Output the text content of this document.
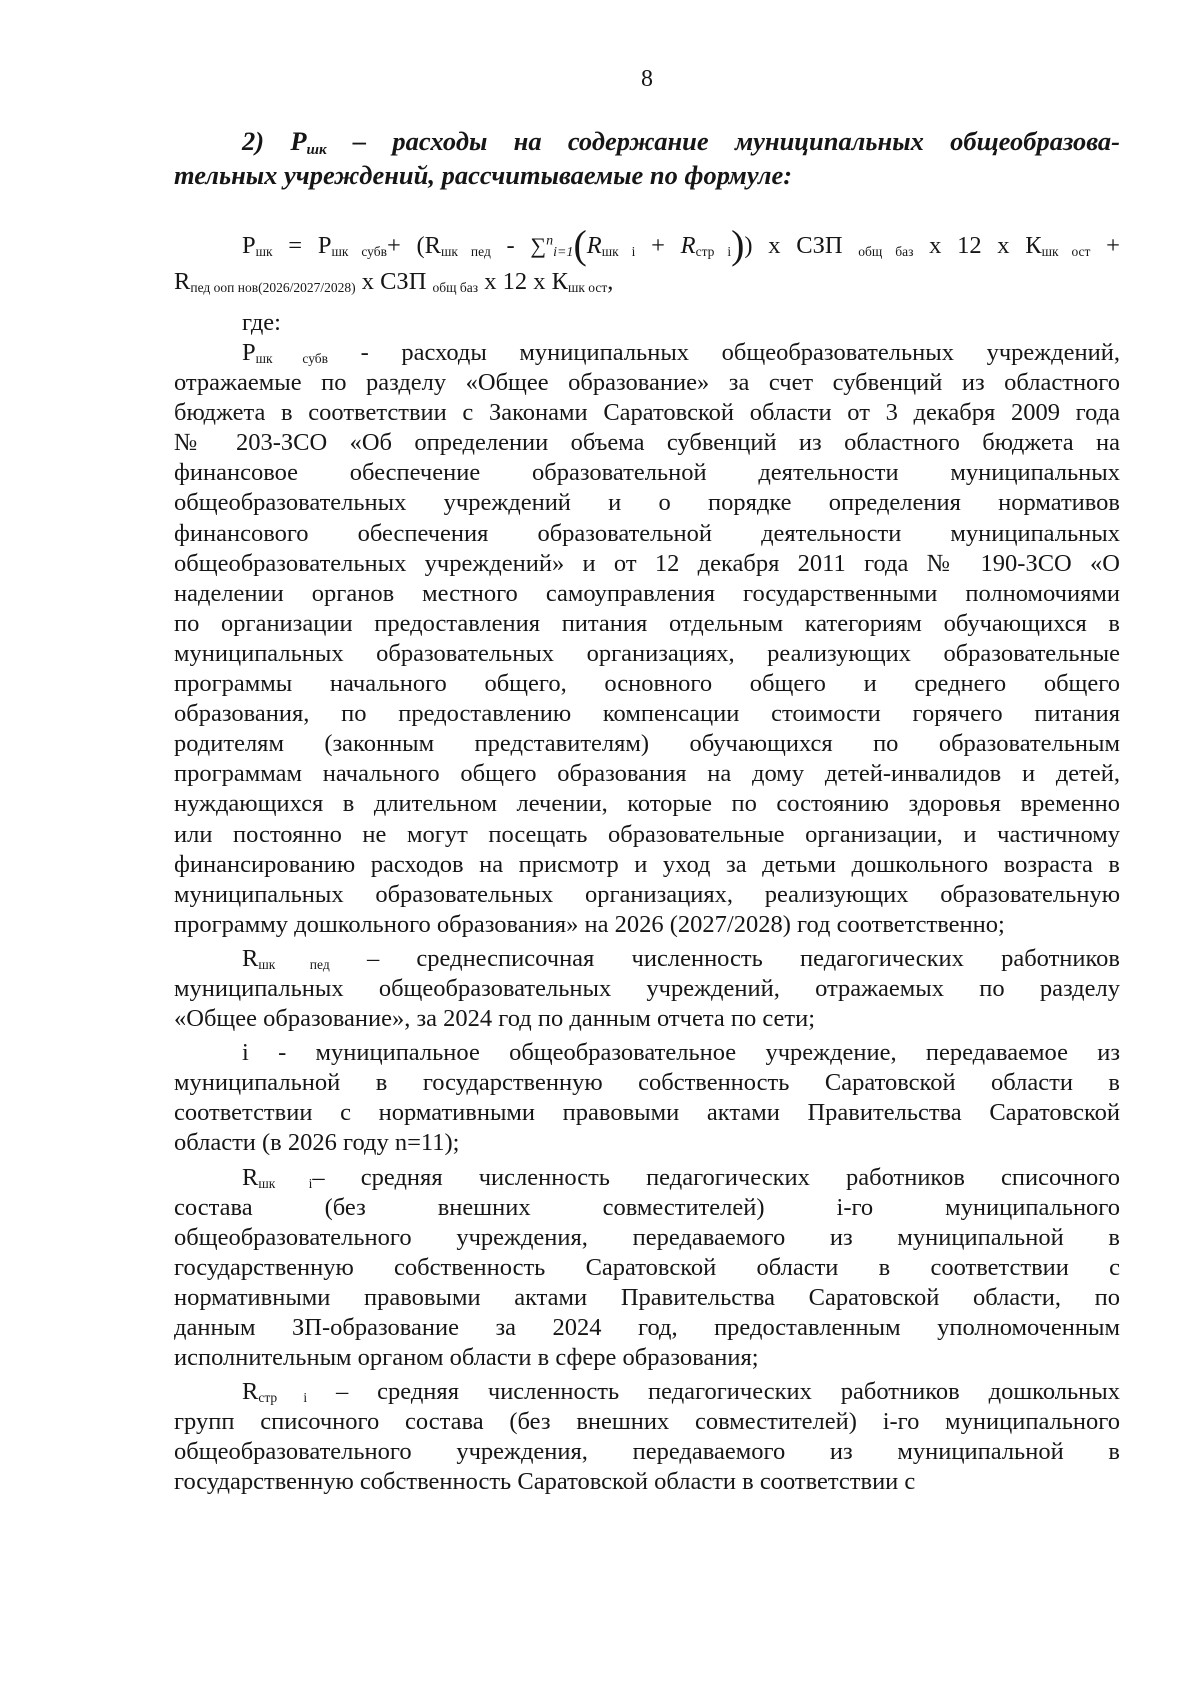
8
2) $Р_{шк}$ – расходы на содержание муниципальных общеобразова-
тельных учреждений, рассчитываемые по формуле:
$Р_{шк} = Р_{шк субв}+ (R_{шк пед} - \sum^n_{i=1}(R_{шк i} + R_{стр i}))$ х СЗП $_{общ баз}$ х 12 х $К_{шк ост}$ +
$R_{пед ооп нов(2026/2027/2028)}$ х СЗП $_{общ баз}$ х 12 х $К_{шк ост}$,
где:
$Р_{шк субв}$ - расходы муниципальных общеобразовательных учреждений,
отражаемые по разделу «Общее образование» за счет субвенций из областного
бюджета в соответствии с Законами Саратовской области от 3 декабря 2009 года
№ 203-ЗСО «Об определении объема субвенций из областного бюджета на
финансовое обеспечение образовательной деятельности муниципальных
общеобразовательных учреждений и о порядке определения нормативов
финансового обеспечения образовательной деятельности муниципальных
общеобразовательных учреждений» и от 12 декабря 2011 года № 190-ЗСО «О
наделении органов местного самоуправления государственными полномочиями
по организации предоставления питания отдельным категориям обучающихся в
муниципальных образовательных организациях, реализующих образовательные
программы начального общего, основного общего и среднего общего
образования, по предоставлению компенсации стоимости горячего питания
родителям (законным представителям) обучающихся по образовательным
программам начального общего образования на дому детей-инвалидов и детей,
нуждающихся в длительном лечении, которые по состоянию здоровья временно
или постоянно не могут посещать образовательные организации, и частичному
финансированию расходов на присмотр и уход за детьми дошкольного возраста в
муниципальных образовательных организациях, реализующих образовательную
программу дошкольного образования» на 2026 (2027/2028) год соответственно;
$R_{шк пед}$ – среднесписочная численность педагогических работников
муниципальных общеобразовательных учреждений, отражаемых по разделу
«Общее образование», за 2024 год по данным отчета по сети;
i - муниципальное общеобразовательное учреждение, передаваемое из
муниципальной в государственную собственность Саратовской области в
соответствии с нормативными правовыми актами Правительства Саратовской
области (в 2026 году n=11);
$R_{шк i}-$ средняя численность педагогических работников списочного
состава (без внешних совместителей) i-го муниципального
общеобразовательного учреждения, передаваемого из муниципальной в
государственную собственность Саратовской области в соответствии с
нормативными правовыми актами Правительства Саратовской области, по
данным ЗП-образование за 2024 год, предоставленным уполномоченным
исполнительным органом области в сфере образования;
$R_{стр i}$ – средняя численность педагогических работников дошкольных
групп списочного состава (без внешних совместителей) i-го муниципального
общеобразовательного учреждения, передаваемого из муниципальной в
государственную собственность Саратовской области в соответствии с
